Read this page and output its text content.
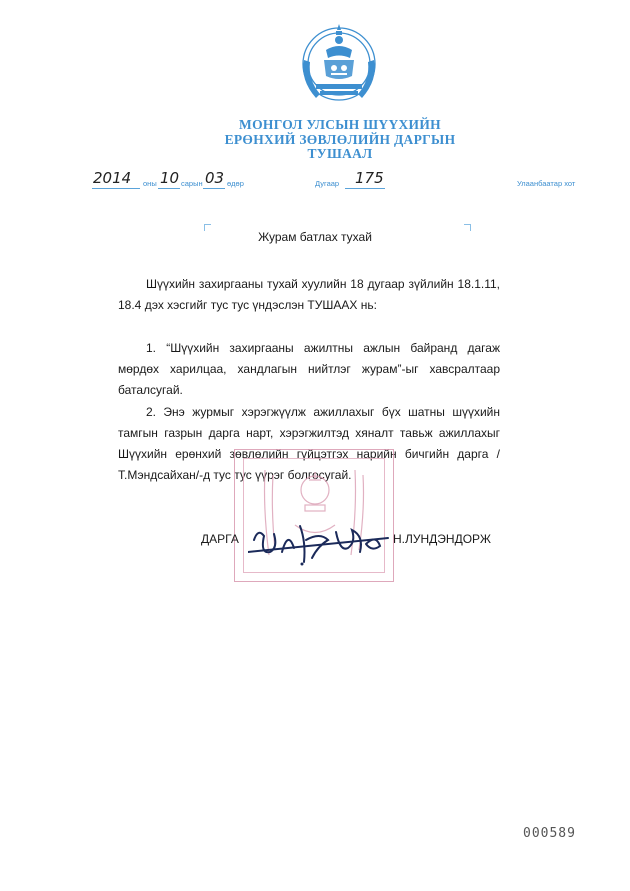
МОНГОЛ УЛСЫН ШҮҮХИЙН
ЕРӨНХИЙ ЗӨВЛӨЛИЙН ДАРГЫН
ТУШААЛ
2014 оны 10 сарын 03 өдөр	Дугаар 175	Улаанбаатар хот
Журам батлах тухай
Шүүхийн захиргааны тухай хуулийн 18 дугаар зүйлийн 18.1.11, 18.4 дэх хэсгийг тус тус үндэслэн ТУШААХ нь:
1. “Шүүхийн захиргааны ажилтны ажлын байранд дагаж мөрдөх харилцаа, хандлагын нийтлэг журам”-ыг хавсралтаар баталсугай.
2. Энэ журмыг хэрэгжүүлж ажиллахыг бүх шатны шүүхийн тамгын газрын дарга нарт, хэрэгжилтэд хяналт тавьж ажиллахыг Шүүхийн ерөнхий зөвлөлийн гүйцэтгэх нарийн бичгийн дарга /Т.Мэндсайхан/-д тус тус үүрэг болгосугай.
ДАРГА	Н.ЛУНДЭНДОРЖ
000589
